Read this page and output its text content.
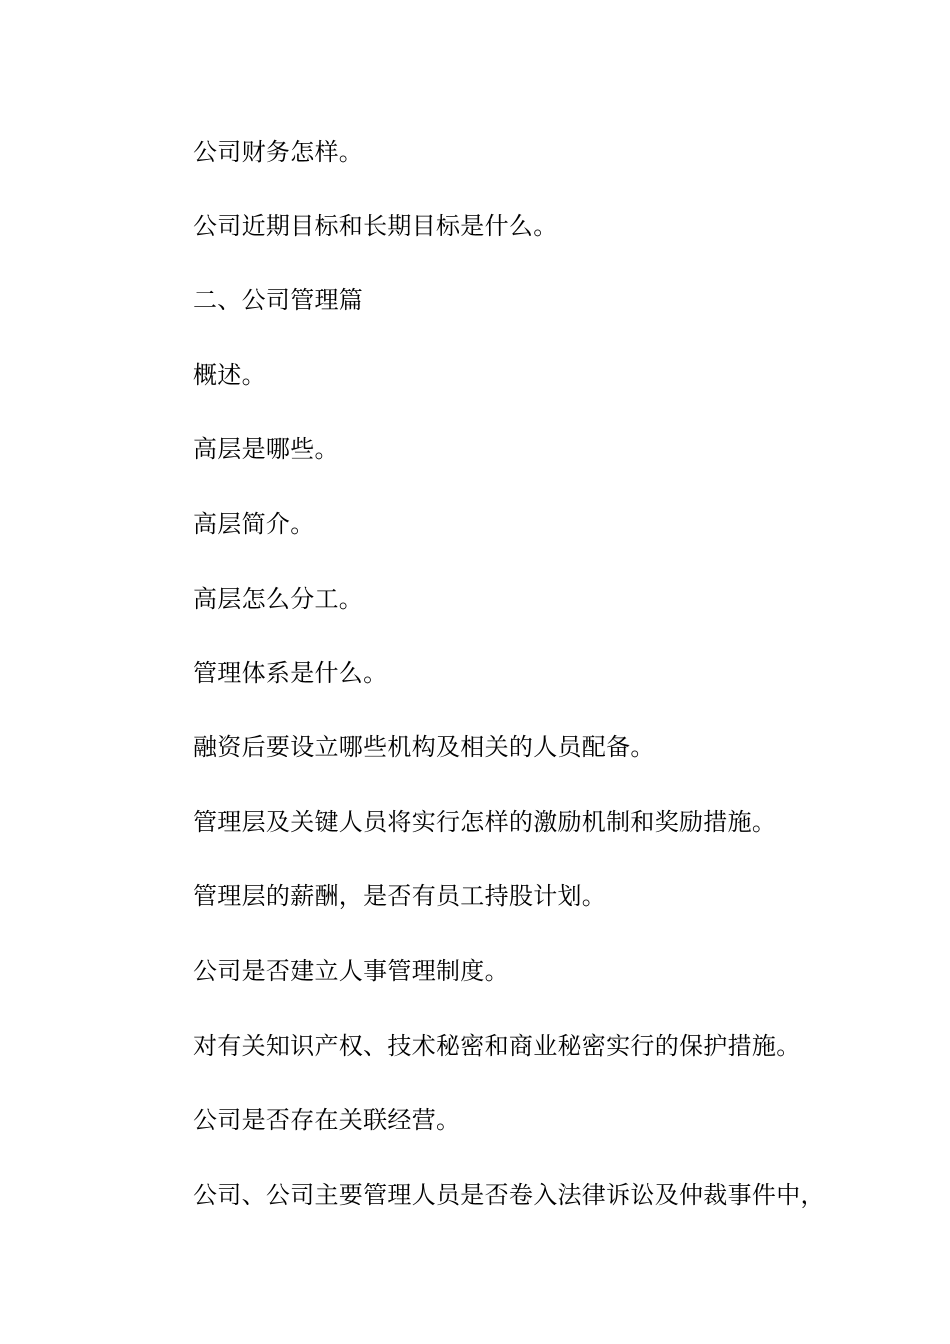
公司财务怎样。

公司近期目标和长期目标是什么。

二、公司管理篇

概述。

高层是哪些。

高层简介。

高层怎么分工。

管理体系是什么。

融资后要设立哪些机构及相关的人员配备。

管理层及关键人员将实行怎样的激励机制和奖励措施。

管理层的薪酬，是否有员工持股计划。

公司是否建立人事管理制度。

对有关知识产权、技术秘密和商业秘密实行的保护措施。

公司是否存在关联经营。

公司、公司主要管理人员是否卷入法律诉讼及仲裁事件中，
